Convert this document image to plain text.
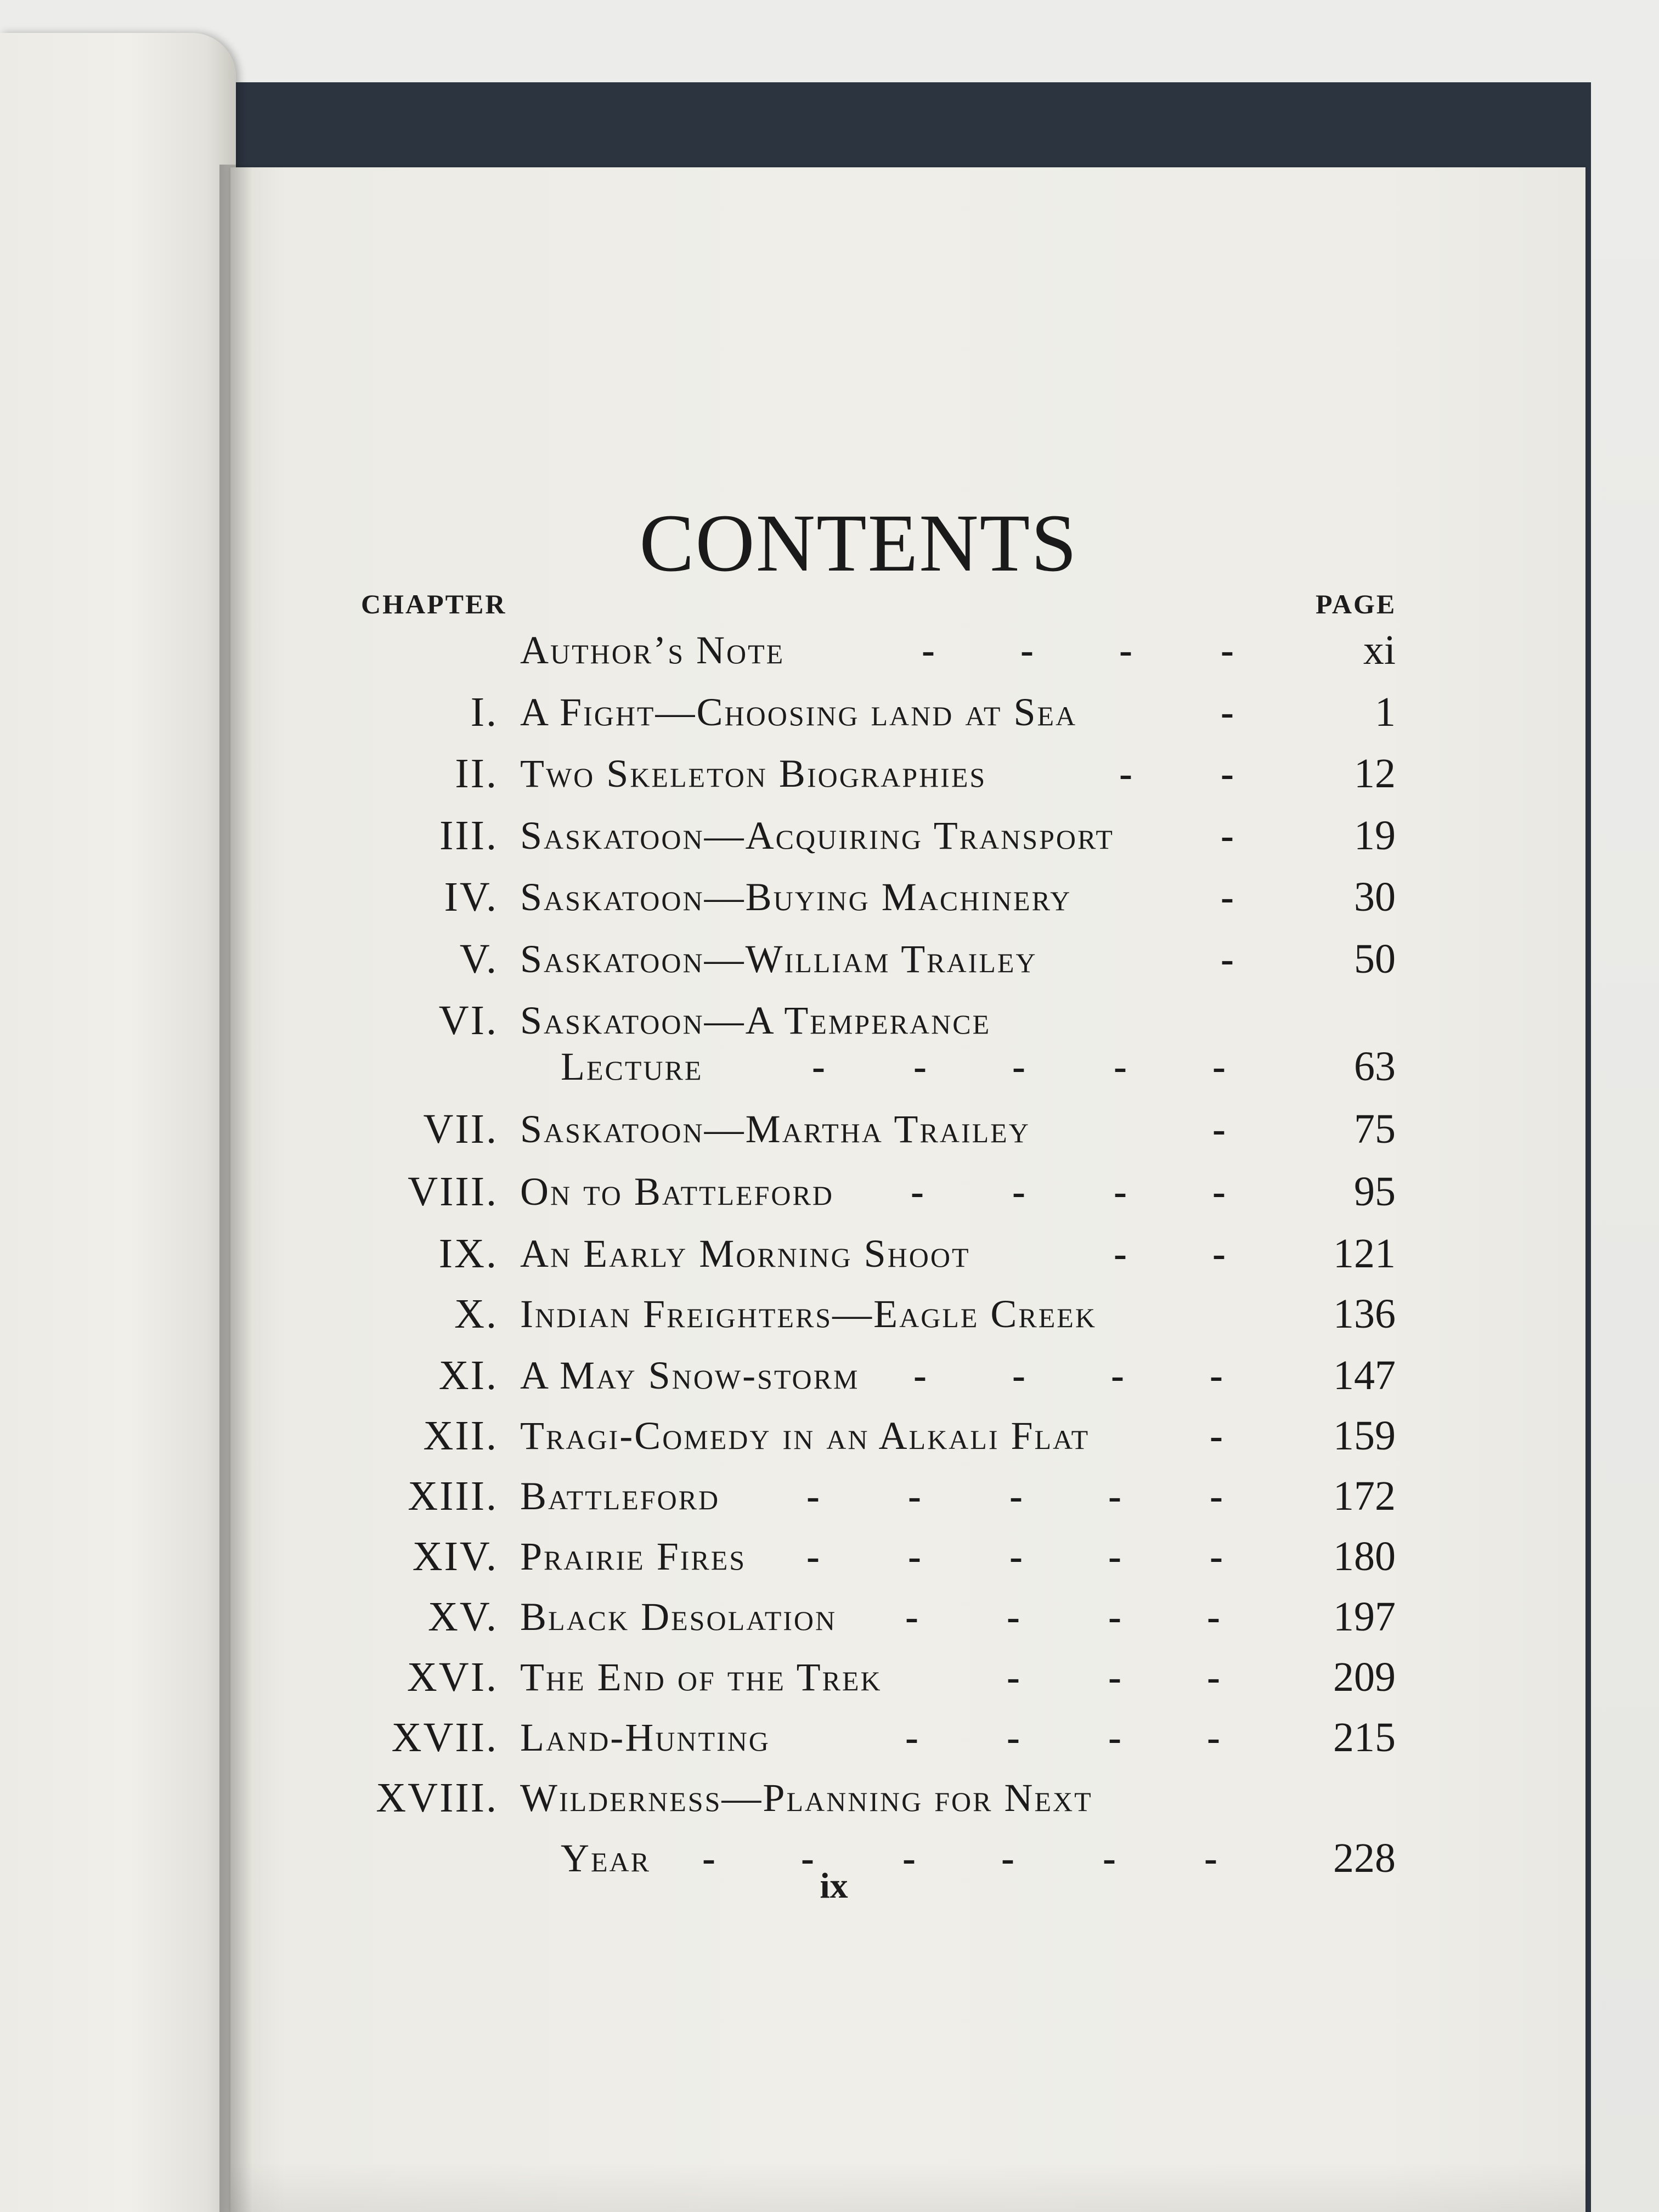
CONTENTS
CHAPTER	PAGE
Author’s Note	- - - -	xi
I. A Fight—Choosing land at Sea	-	1
II. Two Skeleton Biographies	- -	12
III. Saskatoon—Acquiring Transport	-	19
IV. Saskatoon—Buying Machinery	-	30
V. Saskatoon—William Trailey	-	50
VI. Saskatoon—A Temperance
Lecture	- - - - -	63
VII. Saskatoon—Martha Trailey	-	75
VIII. On to Battleford - - - -	95
IX. An Early Morning Shoot	- -	121
X. Indian Freighters—Eagle Creek	136
XI. A May Snow-storm - - - -	147
XII. Tragi-Comedy in an Alkali Flat	-	159
XIII. Battleford - - - - -	172
XIV. Prairie Fires - - - - -	180
XV. Black Desolation - - - -	197
XVI. The End of the Trek	- - -	209
XVII. Land-Hunting	- - - -	215
XVIII. Wilderness—Planning for Next
Year - - - - - -	228
ix
